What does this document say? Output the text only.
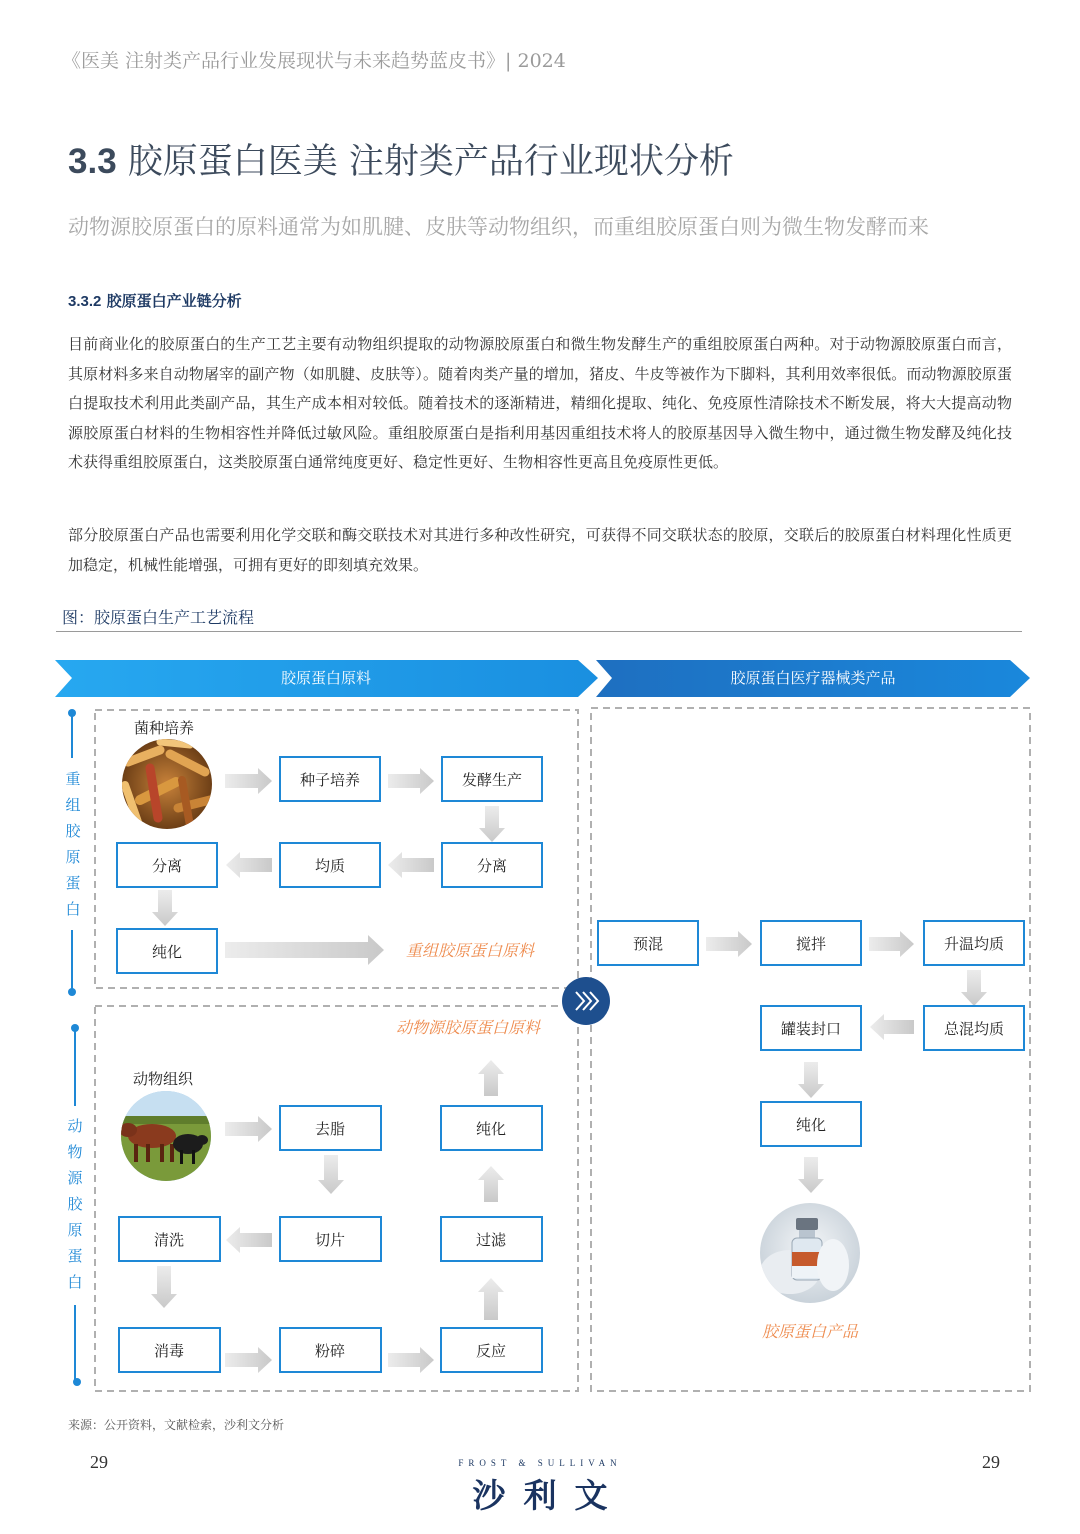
《医美 注射类产品行业发展现状与未来趋势蓝皮书》| 2024
3.3 胶原蛋白医美 注射类产品行业现状分析
动物源胶原蛋白的原料通常为如肌腱、皮肤等动物组织，而重组胶原蛋白则为微生物发酵而来
3.3.2 胶原蛋白产业链分析
目前商业化的胶原蛋白的生产工艺主要有动物组织提取的动物源胶原蛋白和微生物发酵生产的重组胶原蛋白两种。对于动物源胶原蛋白而言，其原材料多来自动物屠宰的副产物（如肌腱、皮肤等）。随着肉类产量的增加，猪皮、牛皮等被作为下脚料，其利用效率很低。而动物源胶原蛋白提取技术利用此类副产品，其生产成本相对较低。随着技术的逐渐精进，精细化提取、纯化、免疫原性清除技术不断发展，将大大提高动物源胶原蛋白材料的生物相容性并降低过敏风险。重组胶原蛋白是指利用基因重组技术将人的胶原基因导入微生物中，通过微生物发酵及纯化技术获得重组胶原蛋白，这类胶原蛋白通常纯度更好、稳定性更好、生物相容性更高且免疫原性更低。
部分胶原蛋白产品也需要利用化学交联和酶交联技术对其进行多种改性研究，可获得不同交联状态的胶原，交联后的胶原蛋白材料理化性质更加稳定，机械性能增强，可拥有更好的即刻填充效果。
图：胶原蛋白生产工艺流程
胶原蛋白原料	胶原蛋白医疗器械类产品
重
组
胶
原
蛋
白
动
物
源
胶
原
蛋
白
菌种培养
种子培养	发酵生产
分离
均质
分离
纯化	重组胶原蛋白原料
动物源胶原蛋白原料
动物组织
去脂	纯化
切片
清洗	过滤
消毒	粉碎	反应
预混	搅拌	升温均质
总混均质
罐装封口
纯化
胶原蛋白产品
来源：公开资料，文献检索，沙利文分析
29	29
FROST & SULLIVAN
沙利文
